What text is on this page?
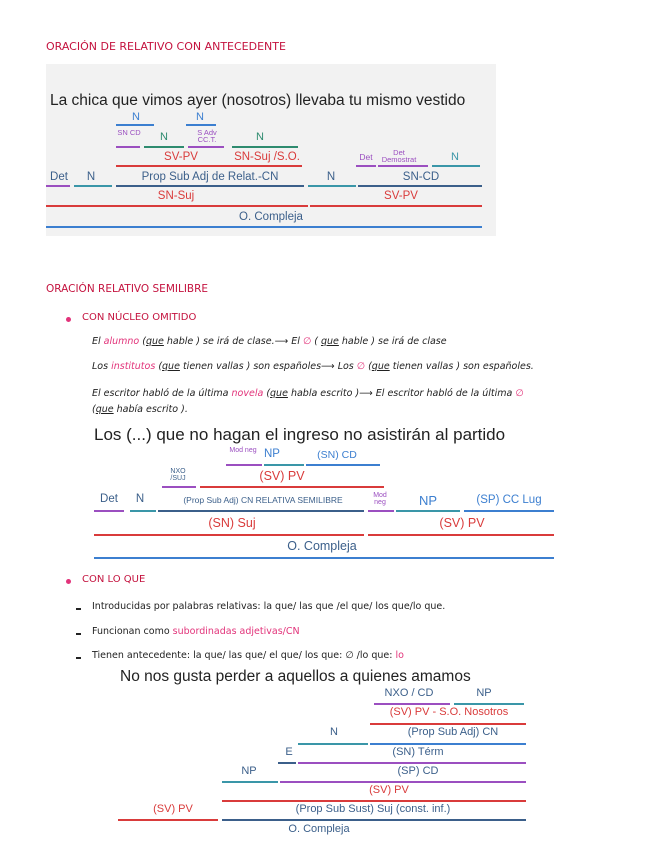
ORACIÓN DE RELATIVO CON ANTECEDENTE
La chica que vimos ayer (nosotros) llevaba tu mismo vestido
N	N
SN CD	N	S Adv CC.T.	N
SV-PV	SN-Suj /S.O.	Det	Det Demostrat	N
Det	N	Prop Sub Adj de Relat.-CN	N	SN-CD
SN-Suj	SV-PV
O. Compleja
ORACIÓN RELATIVO SEMILIBRE
CON NÚCLEO OMITIDO
El alumno (que hable ) se irá de clase.⟶ El ∅ ( que hable ) se irá de clase
Los institutos (que tienen vallas ) son españoles⟶ Los ∅ (que tienen vallas ) son españoles.
El escritor habló de la última novela (que habla escrito )⟶ El escritor habló de la última ∅
(que había escrito ).
Los (...) que no hagan el ingreso no asistirán al partido
Mod neg NP	(SN) CD
NXO /SUJ	(SV) PV
Det	N	(Prop Sub Adj) CN RELATIVA SEMILIBRE	Mod neg	NP	(SP) CC Lug
(SN) Suj	(SV) PV
O. Compleja
CON LO QUE
Introducidas por palabras relativas: la que/ las que /el que/ los que/lo que.
Funcionan como subordinadas adjetivas/CN
Tienen antecedente: la que/ las que/ el que/ los que: ∅ /lo que: lo
No nos gusta perder a aquellos a quienes amamos
NXO / CD	NP
(SV) PV - S.O. Nosotros
N	(Prop Sub Adj) CN
E	(SN) Térm
NP	(SP) CD
(SV) PV
(SV) PV	(Prop Sub Sust) Suj (const. inf.)
O. Compleja
